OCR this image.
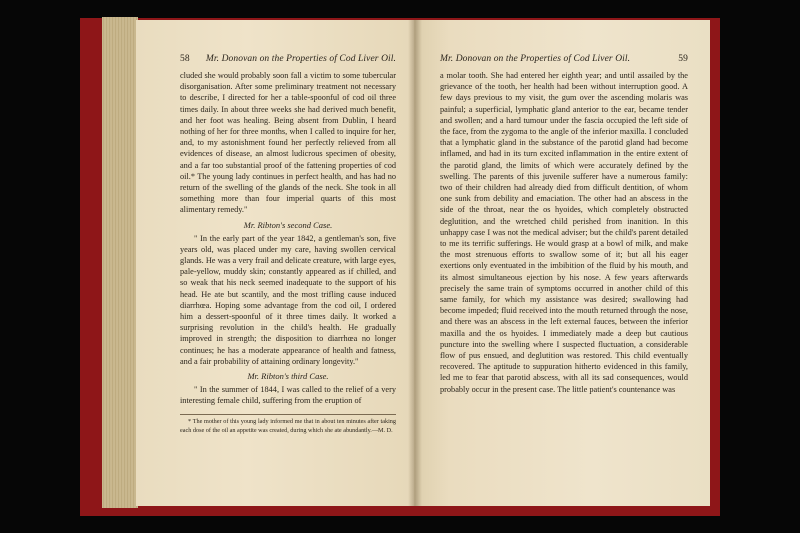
58 Mr. Donovan on the Properties of Cod Liver Oil.

cluded she would probably soon fall a victim to some tubercular disorganisation. After some preliminary treatment not necessary to describe, I directed for her a table-spoonful of cod oil three times daily. In about three weeks she had derived much benefit, and her foot was healing. Being absent from Dublin, I heard nothing of her for three months, when I called to inquire for her, and, to my astonishment found her perfectly relieved from all evidences of disease, an almost ludicrous specimen of obesity, and a far too substantial proof of the fattening properties of cod oil.* The young lady continues in perfect health, and has had no return of the swelling of the glands of the neck. She took in all something more than four imperial quarts of this most alimentary remedy."

Mr. Ribton's second Case.

" In the early part of the year 1842, a gentleman's son, five years old, was placed under my care, having swollen cervical glands. He was a very frail and delicate creature, with large eyes, pale-yellow, muddy skin; constantly appeared as if chilled, and so weak that his neck seemed inadequate to the support of his head. He ate but scantily, and the most trifling cause induced diarrhœa. Hoping some advantage from the cod oil, I ordered him a dessert-spoonful of it three times daily. It worked a surprising revolution in the child's health. He gradually improved in strength; the disposition to diarrhœa no longer continues; he has a moderate appearance of health and fatness, and a fair probability of attaining ordinary longevity."

Mr. Ribton's third Case.

" In the summer of 1844, I was called to the relief of a very interesting female child, suffering from the eruption of

* The mother of this young lady informed me that in about ten minutes after taking each dose of the oil an appetite was created, during which she ate abundantly.—M. D.

Mr. Donovan on the Properties of Cod Liver Oil.	59

a molar tooth. She had entered her eighth year; and until assailed by the grievance of the tooth, her health had been without interruption good. A few days previous to my visit, the gum over the ascending molaris was painful; a superficial, lymphatic gland anterior to the ear, became tender and swollen; and a hard tumour under the fascia occupied the left side of the face, from the zygoma to the angle of the inferior maxilla. I concluded that a lymphatic gland in the substance of the parotid gland had become inflamed, and had in its turn excited inflammation in the entire extent of the parotid gland, the limits of which were accurately defined by the swelling. The parents of this juvenile sufferer have a numerous family: two of their children had already died from difficult dentition, of whom one sunk from debility and emaciation. The other had an abscess in the side of the throat, near the os hyoides, which completely obstructed deglutition, and the wretched child perished from inanition. In this unhappy case I was not the medical adviser; but the child's parent detailed to me its terrific sufferings. He would grasp at a bowl of milk, and make the most strenuous efforts to swallow some of it; but all his eager exertions only eventuated in the imbibition of the fluid by his mouth, and its almost simultaneous ejection by his nose. A few years afterwards precisely the same train of symptoms occurred in another child of this same family, for which my assistance was desired; swallowing had become impeded; fluid received into the mouth returned through the nose, and there was an abscess in the left external fauces, between the inferior maxilla and the os hyoides. I immediately made a deep but cautious puncture into the swelling where I suspected fluctuation, a considerable flow of pus ensued, and deglutition was restored. This child eventually recovered. The aptitude to suppuration hitherto evidenced in this family, led me to fear that parotid abscess, with all its sad consequences, would probably occur in the present case. The little patient's countenance was
